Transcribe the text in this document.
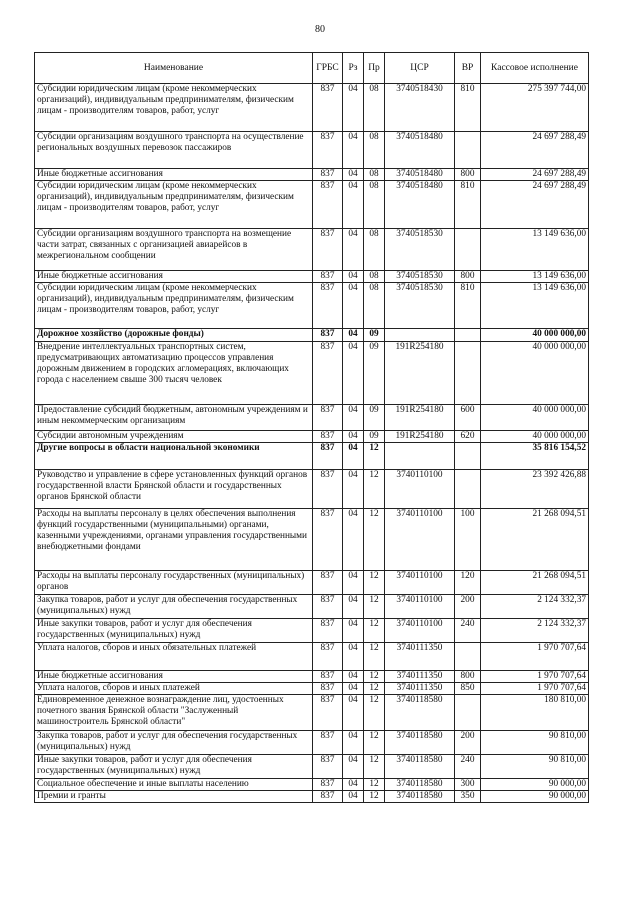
80
Наименование	ГРБС	Рз	Пр	ЦСР	ВР	Кассовое исполнение
Субсидии юридическим лицам (кроме некоммерческих организаций), индивидуальным предпринимателям, физическим лицам - производителям товаров, работ, услуг	837	04	08	3740518430	810	275 397 744,00
Субсидии организациям воздушного транспорта на осуществление региональных воздушных перевозок пассажиров	837	04	08	3740518480		24 697 288,49
Иные бюджетные ассигнования	837	04	08	3740518480	800	24 697 288,49
Субсидии юридическим лицам (кроме некоммерческих организаций), индивидуальным предпринимателям, физическим лицам - производителям товаров, работ, услуг	837	04	08	3740518480	810	24 697 288,49
Субсидии организациям воздушного транспорта на возмещение части затрат, связанных с организацией авиарейсов в межрегиональном сообщении	837	04	08	3740518530		13 149 636,00
Иные бюджетные ассигнования	837	04	08	3740518530	800	13 149 636,00
Субсидии юридическим лицам (кроме некоммерческих организаций), индивидуальным предпринимателям, физическим лицам - производителям товаров, работ, услуг	837	04	08	3740518530	810	13 149 636,00
Дорожное хозяйство (дорожные фонды)	837	04	09			40 000 000,00
Внедрение интеллектуальных транспортных систем, предусматривающих автоматизацию процессов управления дорожным движением в городских агломерациях, включающих города с населением свыше 300 тысяч человек	837	04	09	191R254180		40 000 000,00
Предоставление субсидий бюджетным, автономным учреждениям и иным некоммерческим организациям	837	04	09	191R254180	600	40 000 000,00
Субсидии автономным учреждениям	837	04	09	191R254180	620	40 000 000,00
Другие вопросы в области национальной экономики	837	04	12			35 816 154,52
Руководство и управление в сфере установленных функций органов государственной власти Брянской области и государственных органов Брянской области	837	04	12	3740110100		23 392 426,88
Расходы на выплаты персоналу в целях обеспечения выполнения функций государственными (муниципальными) органами, казенными учреждениями, органами управления государственными внебюджетными фондами	837	04	12	3740110100	100	21 268 094,51
Расходы на выплаты персоналу государственных (муниципальных) органов	837	04	12	3740110100	120	21 268 094,51
Закупка товаров, работ и услуг для обеспечения государственных (муниципальных) нужд	837	04	12	3740110100	200	2 124 332,37
Иные закупки товаров, работ и услуг для обеспечения государственных (муниципальных) нужд	837	04	12	3740110100	240	2 124 332,37
Уплата налогов, сборов и иных обязательных платежей	837	04	12	3740111350		1 970 707,64
Иные бюджетные ассигнования	837	04	12	3740111350	800	1 970 707,64
Уплата налогов, сборов и иных платежей	837	04	12	3740111350	850	1 970 707,64
Единовременное денежное вознаграждение лиц, удостоенных почетного звания Брянской области "Заслуженный машиностроитель Брянской области"	837	04	12	3740118580		180 810,00
Закупка товаров, работ и услуг для обеспечения государственных (муниципальных) нужд	837	04	12	3740118580	200	90 810,00
Иные закупки товаров, работ и услуг для обеспечения государственных (муниципальных) нужд	837	04	12	3740118580	240	90 810,00
Социальное обеспечение и иные выплаты населению	837	04	12	3740118580	300	90 000,00
Премии и гранты	837	04	12	3740118580	350	90 000,00
